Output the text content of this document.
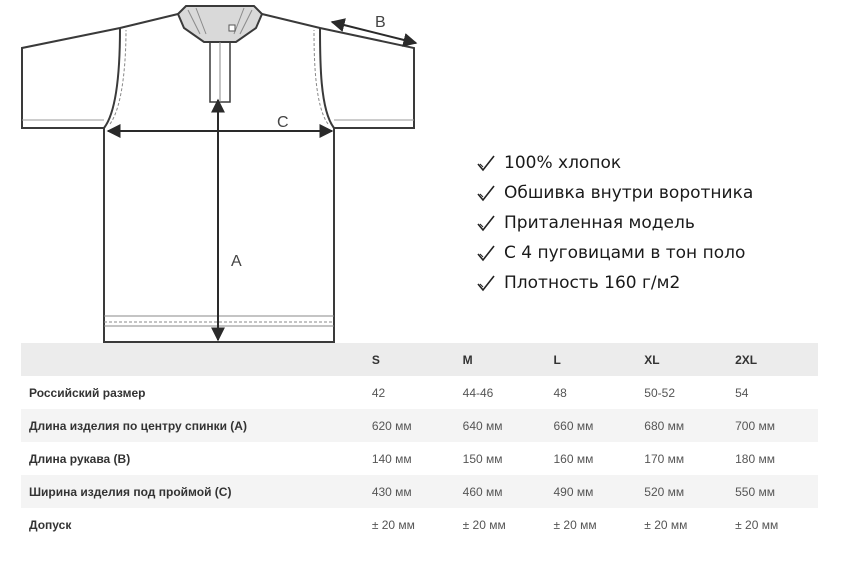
A
B
C
100% хлопок
Обшивка внутри воротника
Приталенная модель
С 4 пуговицами в тон поло
Плотность 160 г/м2
	S	M	L	XL	2XL
Российский размер	42	44-46	48	50-52	54
Длина изделия по центру спинки (А)	620 мм	640 мм	660 мм	680 мм	700 мм
Длина рукава (В)	140 мм	150 мм	160 мм	170 мм	180 мм
Ширина изделия под проймой (С)	430 мм	460 мм	490 мм	520 мм	550 мм
Допуск	± 20 мм	± 20 мм	± 20 мм	± 20 мм	± 20 мм
